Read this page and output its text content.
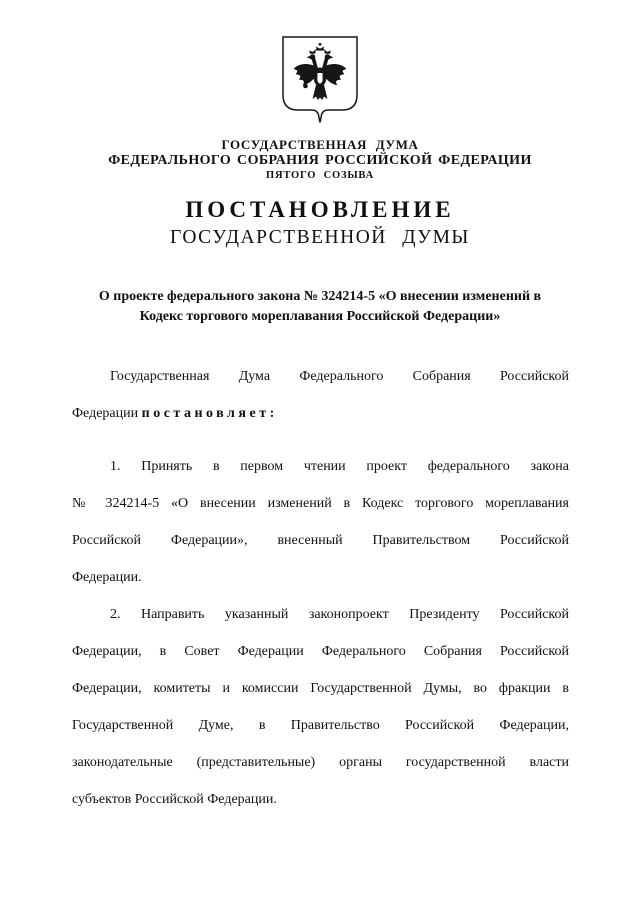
ГОСУДАРСТВЕННАЯ ДУМА
ФЕДЕРАЛЬНОГО СОБРАНИЯ РОССИЙСКОЙ ФЕДЕРАЦИИ
ПЯТОГО СОЗЫВА
ПОСТАНОВЛЕНИЕ
ГОСУДАРСТВЕННОЙ ДУМЫ
О проекте федерального закона № 324214-5 «О внесении изменений в
Кодекс торгового мореплавания Российской Федерации»
Государственная Дума Федерального Собрания Российской
Федерации постановляет:
1. Принять в первом чтении проект федерального закона
№ 324214-5 «О внесении изменений в Кодекс торгового мореплавания
Российской Федерации», внесенный Правительством Российской
Федерации.
2. Направить указанный законопроект Президенту Российской
Федерации, в Совет Федерации Федерального Собрания Российской
Федерации, комитеты и комиссии Государственной Думы, во фракции в
Государственной Думе, в Правительство Российской Федерации,
законодательные (представительные) органы государственной власти
субъектов Российской Федерации.
